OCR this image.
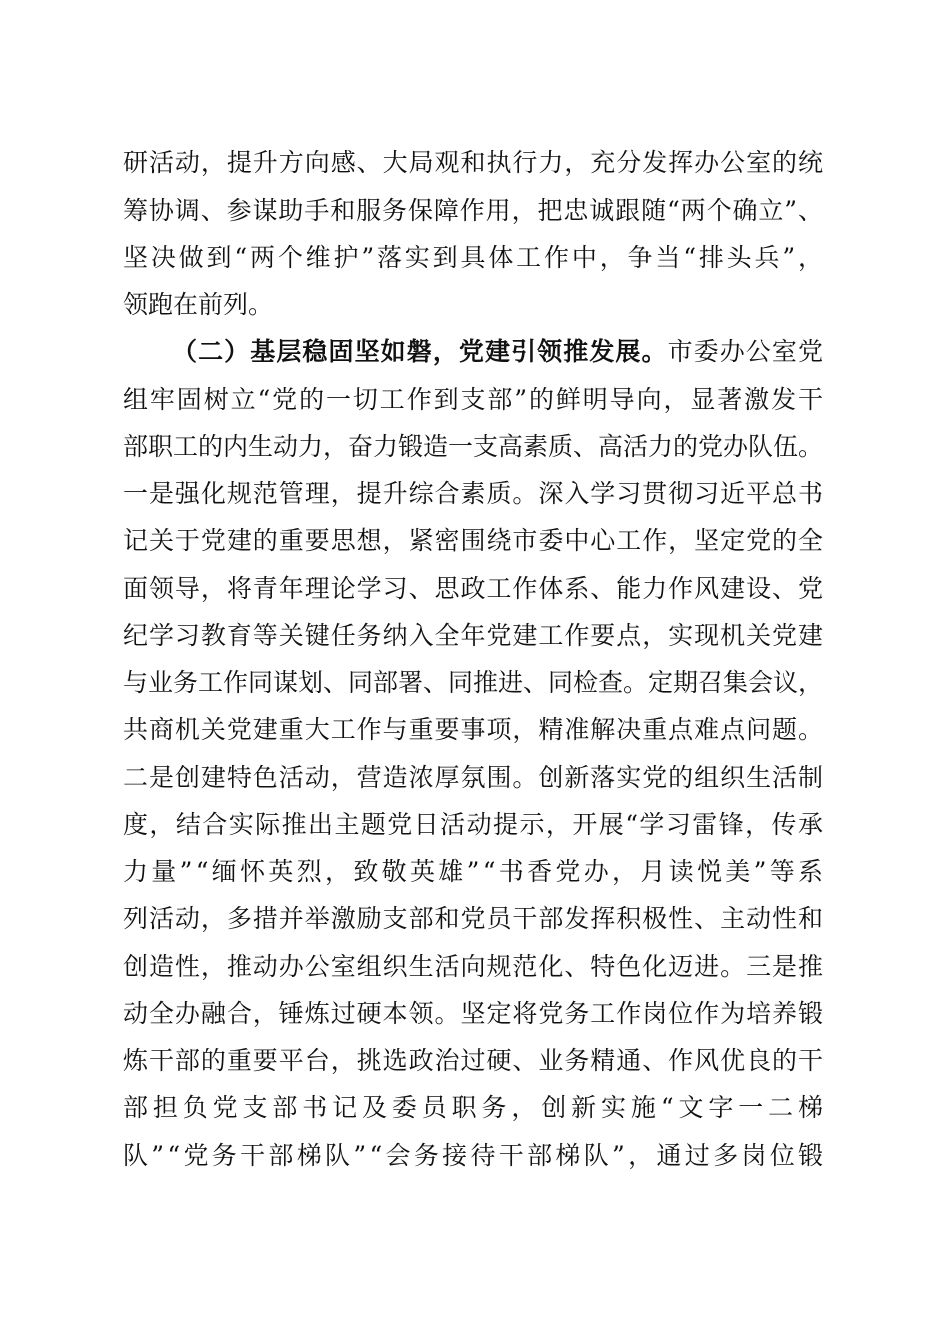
研活动，提升方向感、大局观和执行力，充分发挥办公室的统
筹协调、参谋助手和服务保障作用，把忠诚跟随“两个确立”、
坚决做到“两个维护”落实到具体工作中，争当“排头兵”，
领跑在前列。
（二）基层稳固坚如磐，党建引领推发展。市委办公室党
组牢固树立“党的一切工作到支部”的鲜明导向，显著激发干
部职工的内生动力，奋力锻造一支高素质、高活力的党办队伍。
一是强化规范管理，提升综合素质。深入学习贯彻习近平总书
记关于党建的重要思想，紧密围绕市委中心工作，坚定党的全
面领导，将青年理论学习、思政工作体系、能力作风建设、党
纪学习教育等关键任务纳入全年党建工作要点，实现机关党建
与业务工作同谋划、同部署、同推进、同检查。定期召集会议，
共商机关党建重大工作与重要事项，精准解决重点难点问题。
二是创建特色活动，营造浓厚氛围。创新落实党的组织生活制
度，结合实际推出主题党日活动提示，开展“学习雷锋，传承
力量”“缅怀英烈，致敬英雄”“书香党办，月读悦美”等系
列活动，多措并举激励支部和党员干部发挥积极性、主动性和
创造性，推动办公室组织生活向规范化、特色化迈进。三是推
动全办融合，锤炼过硬本领。坚定将党务工作岗位作为培养锻
炼干部的重要平台，挑选政治过硬、业务精通、作风优良的干
部担负党支部书记及委员职务，创新实施“文字一二梯
队”“党务干部梯队”“会务接待干部梯队”，通过多岗位锻
